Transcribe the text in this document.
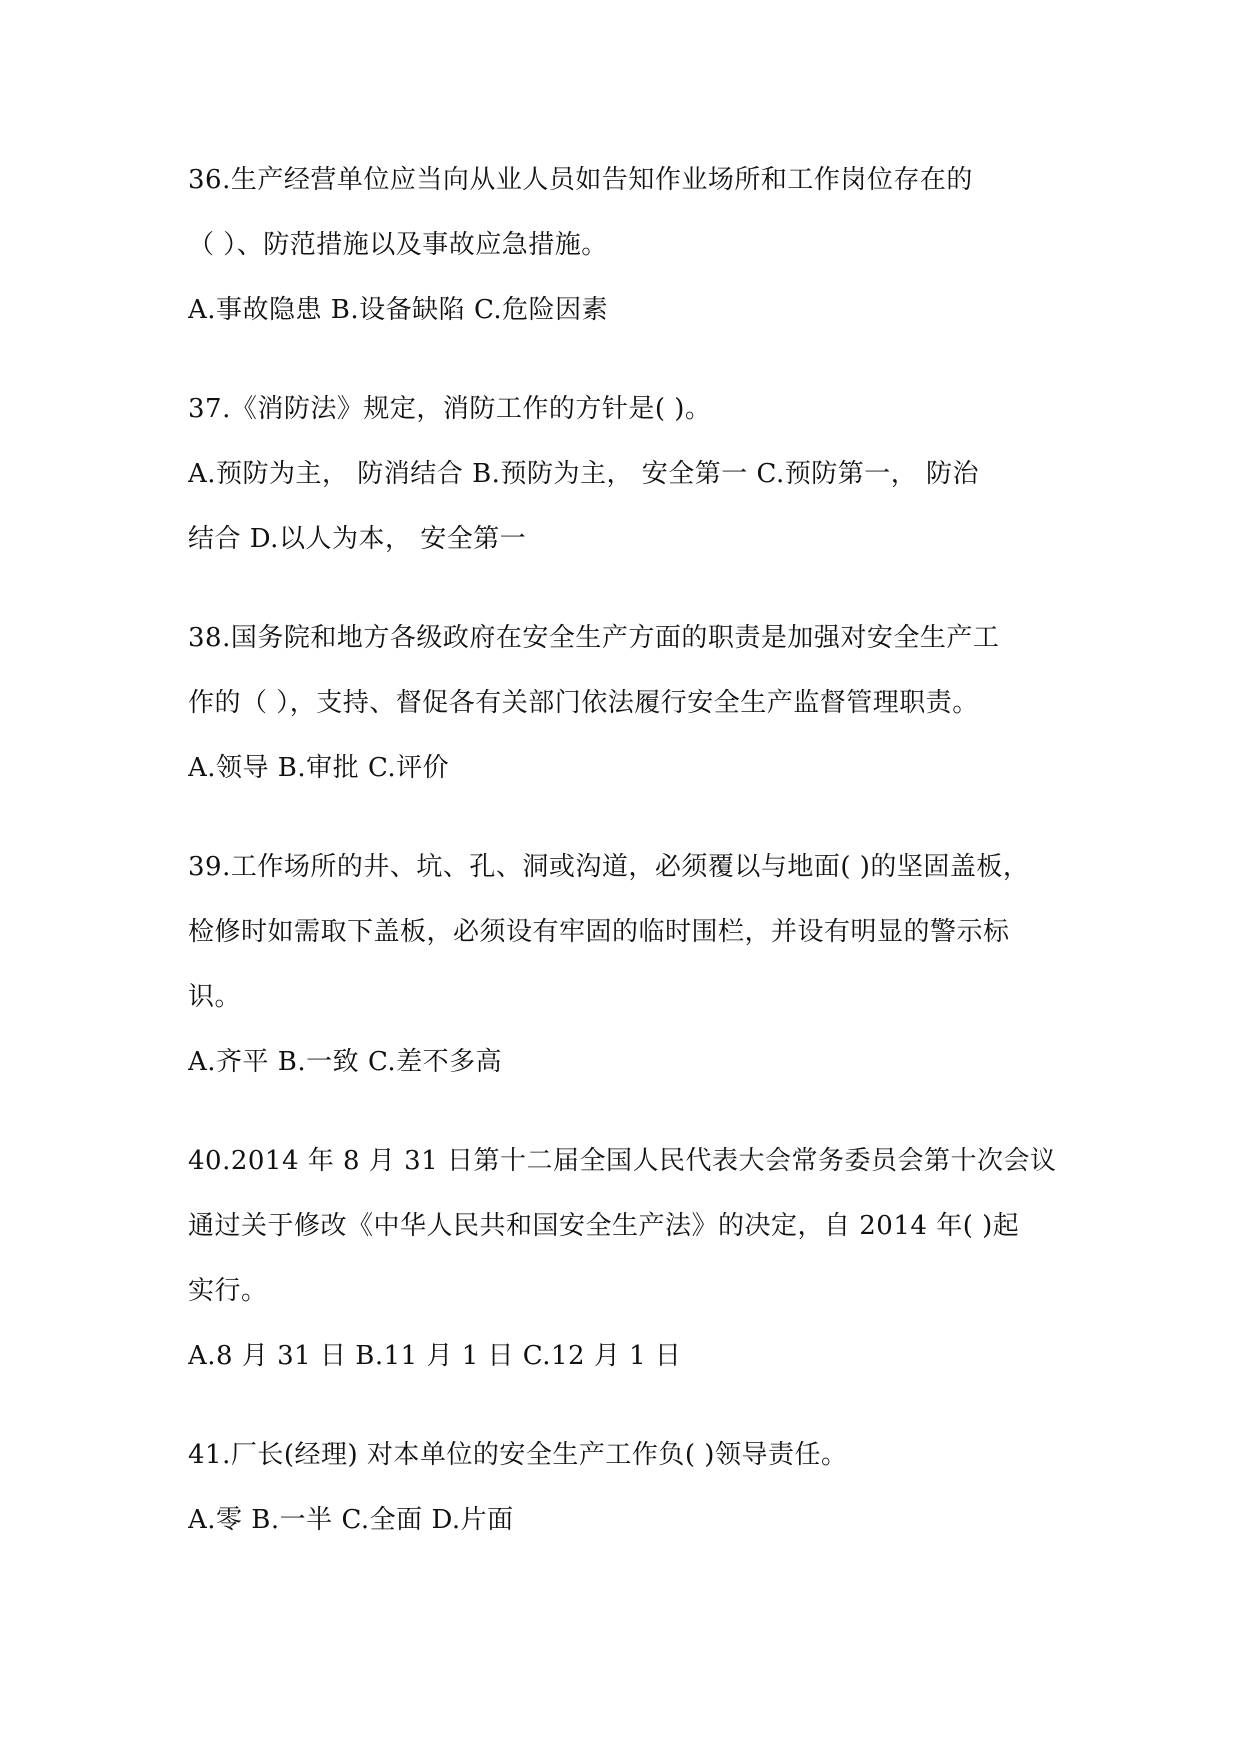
36.生产经营单位应当向从业人员如告知作业场所和工作岗位存在的
（ ）、防范措施以及事故应急措施。
A.事故隐患 B.设备缺陷 C.危险因素
37.《消防法》规定，消防工作的方针是( )。
A.预防为主， 防消结合 B.预防为主， 安全第一 C.预防第一， 防治
结合 D.以人为本， 安全第一
38.国务院和地方各级政府在安全生产方面的职责是加强对安全生产工
作的（ ），支持、督促各有关部门依法履行安全生产监督管理职责。
A.领导 B.审批 C.评价
39.工作场所的井、坑、孔、洞或沟道，必须覆以与地面( )的坚固盖板，
检修时如需取下盖板，必须设有牢固的临时围栏，并设有明显的警示标
识。
A.齐平 B.一致 C.差不多高
40.2014 年 8 月 31 日第十二届全国人民代表大会常务委员会第十次会议
通过关于修改《中华人民共和国安全生产法》的决定，自 2014 年( )起
实行。
A.8 月 31 日 B.11 月 1 日 C.12 月 1 日
41.厂长(经理) 对本单位的安全生产工作负( )领导责任。
A.零 B.一半 C.全面 D.片面
